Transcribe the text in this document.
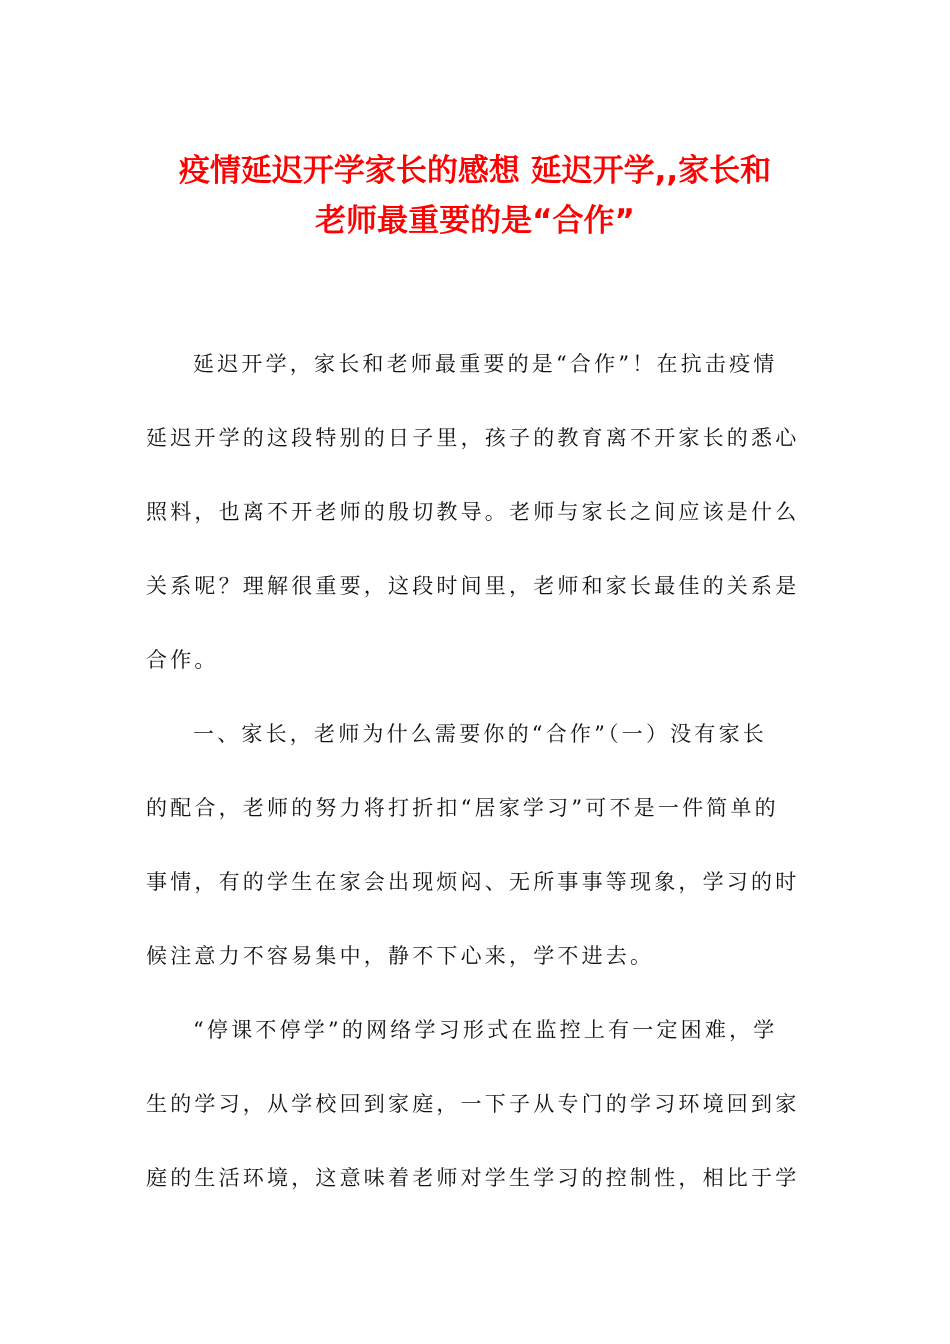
疫情延迟开学家长的感想 延迟开学,,家长和
老师最重要的是“合作”
延迟开学，家长和老师最重要的是“合作”！在抗击疫情
延迟开学的这段特别的日子里，孩子的教育离不开家长的悉心
照料，也离不开老师的殷切教导。老师与家长之间应该是什么
关系呢？理解很重要，这段时间里，老师和家长最佳的关系是
合作。
一、家长，老师为什么需要你的“合作”（一）没有家长
的配合，老师的努力将打折扣“居家学习”可不是一件简单的
事情，有的学生在家会出现烦闷、无所事事等现象，学习的时
候注意力不容易集中，静不下心来，学不进去。
“停课不停学”的网络学习形式在监控上有一定困难，学
生的学习，从学校回到家庭，一下子从专门的学习环境回到家
庭的生活环境，这意味着老师对学生学习的控制性，相比于学
